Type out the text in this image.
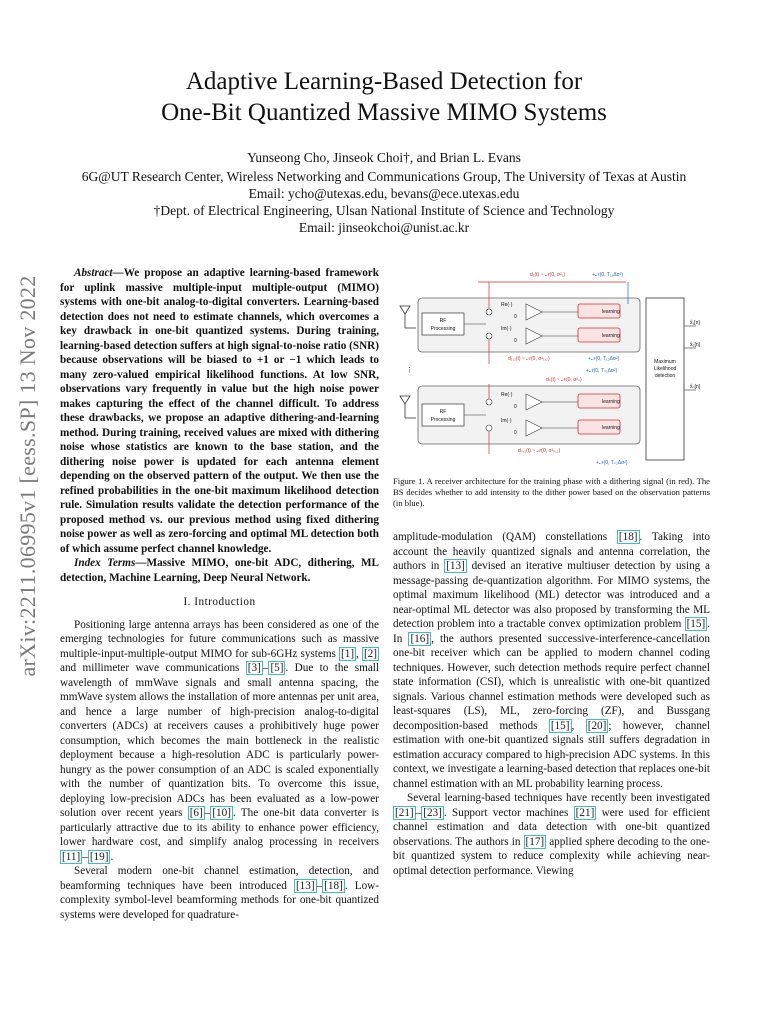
arXiv:2211.06995v1 [eess.SP] 13 Nov 2022
Adaptive Learning-Based Detection for
One-Bit Quantized Massive MIMO Systems
Yunseong Cho, Jinseok Choi†, and Brian L. Evans
6G@UT Research Center, Wireless Networking and Communications Group, The University of Texas at Austin
Email: ycho@utexas.edu, bevans@ece.utexas.edu
†Dept. of Electrical Engineering, Ulsan National Institute of Science and Technology
Email: jinseokchoi@unist.ac.kr

Abstract—We propose an adaptive learning-based framework for uplink massive multiple-input multiple-output (MIMO) systems with one-bit analog-to-digital converters. Learning-based detection does not need to estimate channels, which overcomes a key drawback in one-bit quantized systems. During training, learning-based detection suffers at high signal-to-noise ratio (SNR) because observations will be biased to +1 or −1 which leads to many zero-valued empirical likelihood functions. At low SNR, observations vary frequently in value but the high noise power makes capturing the effect of the channel difficult. To address these drawbacks, we propose an adaptive dithering-and-learning method. During training, received values are mixed with dithering noise whose statistics are known to the base station, and the dithering noise power is updated for each antenna element depending on the observed pattern of the output. We then use the refined probabilities in the one-bit maximum likelihood detection rule. Simulation results validate the detection performance of the proposed method vs. our previous method using fixed dithering noise power as well as zero-forcing and optimal ML detection both of which assume perfect channel knowledge.

Index Terms—Massive MIMO, one-bit ADC, dithering, ML detection, Machine Learning, Deep Neural Network.

I. Introduction

Positioning large antenna arrays has been considered as one of the emerging technologies for future communications such as massive multiple-input-multiple-output MIMO for sub-6GHz systems [1] , [2] and millimeter wave communications [3] – [5] . Due to the small wavelength of mmWave signals and small antenna spacing, the mmWave system allows the installation of more antennas per unit area, and hence a large number of high-precision analog-to-digital converters (ADCs) at receivers causes a prohibitively huge power consumption, which becomes the main bottleneck in the realistic deployment because a high-resolution ADC is particularly power-hungry as the power consumption of an ADC is scaled exponentially with the number of quantization bits. To overcome this issue, deploying low-precision ADCs has been evaluated as a low-power solution over recent years [6] – [10] . The one-bit data converter is particularly attractive due to its ability to enhance power efficiency, lower hardware cost, and simplify analog processing in receivers [11] – [19] .

Several modern one-bit channel estimation, detection, and beamforming techniques have been introduced [13] – [18] . Low-complexity symbol-level beamforming methods for one-bit quantized systems were developed for quadrature-

d₁(t) ~ 𝒩(0, σ²₁)	+𝒩(0, T₁₁Δσ²)
RF
Processing
Re(·)
Im(·)
0
0
learning
learning
d₁,₂(t) ~ 𝒩(0, σ²₁,₂)	+𝒩(0, T₁₂Δσ²)
⋮
Maximum
Likelihood
detection
x̂₁[n]
x̂₂[n]
x̂ₙ[n]
dₙ(t) ~ 𝒩(0, σ²ₙ)
RF
Processing
Re(·)
Im(·)
0
0
learning
learning
dₙ,₂(t) ~ 𝒩(0, σ²ₙ,₂)
+𝒩(0, Tₙ₂Δσ²)
+𝒩(0, Tₙ₁Δσ²)
Figure 1. A receiver architecture for the training phase with a dithering signal (in red). The BS decides whether to add intensity to the dither power based on the observation patterns (in blue).

amplitude-modulation (QAM) constellations [18] . Taking into account the heavily quantized signals and antenna correlation, the authors in [13] devised an iterative multiuser detection by using a message-passing de-quantization algorithm. For MIMO systems, the optimal maximum likelihood (ML) detector was introduced and a near-optimal ML detector was also proposed by transforming the ML detection problem into a tractable convex optimization problem [15] . In [16] , the authors presented successive-interference-cancellation one-bit receiver which can be applied to modern channel coding techniques. However, such detection methods require perfect channel state information (CSI), which is unrealistic with one-bit quantized signals. Various channel estimation methods were developed such as least-squares (LS), ML, zero-forcing (ZF), and Bussgang decomposition-based methods [15] , [20] ; however, channel estimation with one-bit quantized signals still suffers degradation in estimation accuracy compared to high-precision ADC systems. In this context, we investigate a learning-based detection that replaces one-bit channel estimation with an ML probability learning process.

Several learning-based techniques have recently been investigated [21] – [23] . Support vector machines [21] were used for efficient channel estimation and data detection with one-bit quantized observations. The authors in [17] applied sphere decoding to the one-bit quantized system to reduce complexity while achieving near-optimal detection performance. Viewing
